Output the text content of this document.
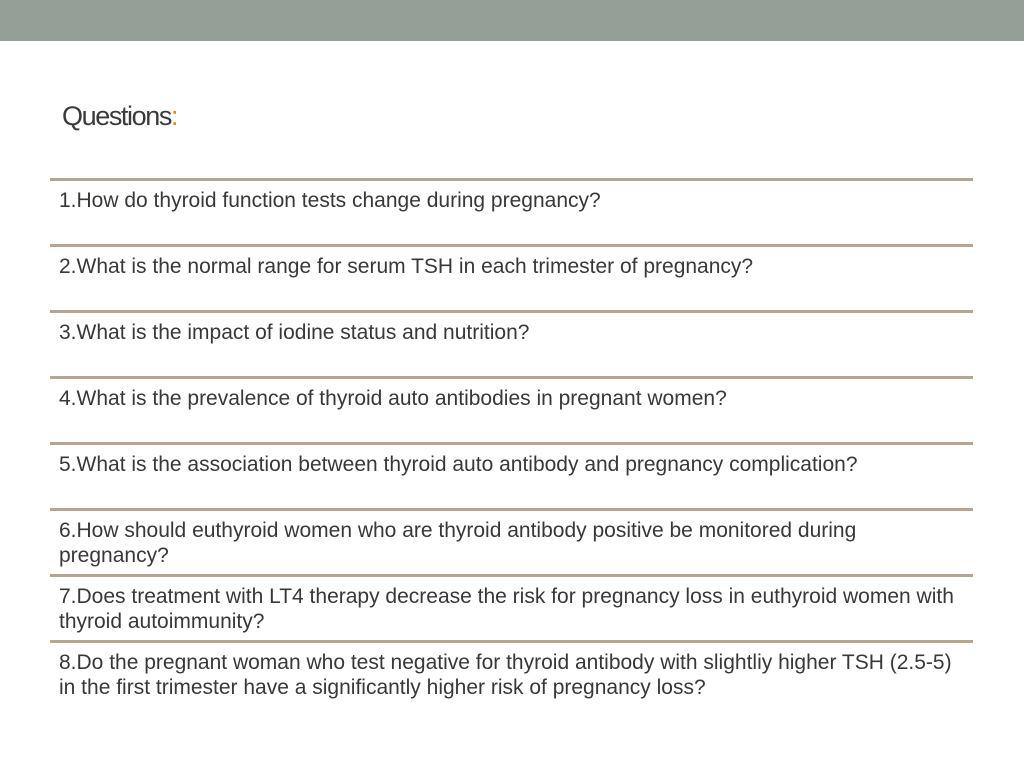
Questions:
1.How do thyroid function tests change during pregnancy?
2.What is the normal range for serum TSH in each trimester of pregnancy?
3.What is the impact of iodine status and nutrition?
4.What is the prevalence of thyroid auto antibodies in pregnant women?
5.What is the association between thyroid auto antibody and pregnancy complication?
6.How should euthyroid women who are thyroid antibody positive be monitored during pregnancy?
7.Does treatment with LT4 therapy decrease the risk for pregnancy loss in euthyroid women with thyroid autoimmunity?
8.Do the pregnant woman who test negative for thyroid antibody with slightliy higher TSH (2.5-5) in the first trimester have a significantly higher risk of pregnancy loss?
